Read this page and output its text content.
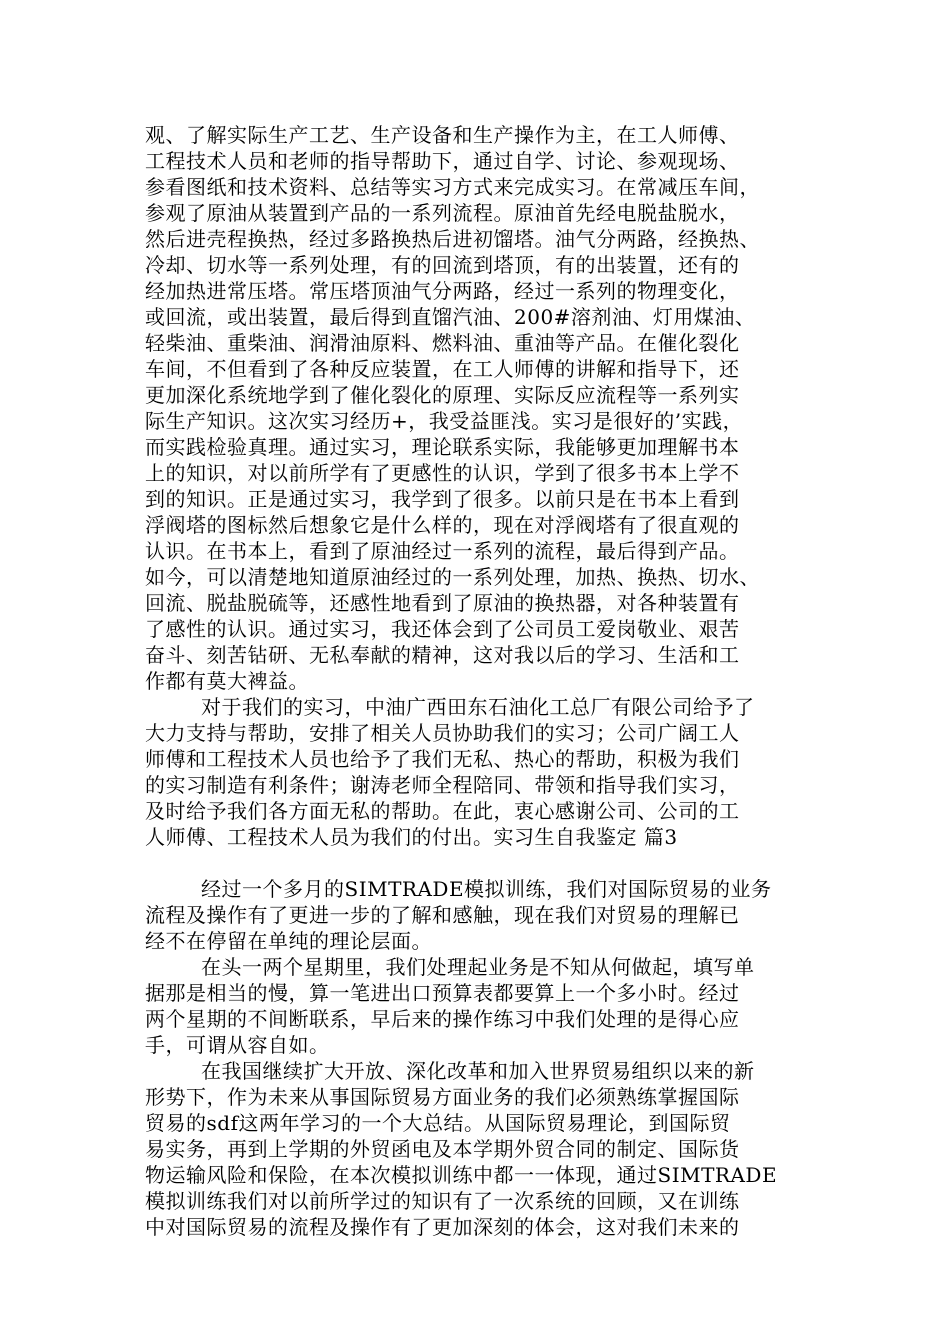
观、了解实际生产工艺、生产设备和生产操作为主，在工人师傅、
工程技术人员和老师的指导帮助下，通过自学、讨论、参观现场、
参看图纸和技术资料、总结等实习方式来完成实习。在常减压车间，
参观了原油从装置到产品的一系列流程。原油首先经电脱盐脱水，
然后进壳程换热，经过多路换热后进初馏塔。油气分两路，经换热、
冷却、切水等一系列处理，有的回流到塔顶，有的出装置，还有的
经加热进常压塔。常压塔顶油气分两路，经过一系列的物理变化，
或回流，或出装置，最后得到直馏汽油、200#溶剂油、灯用煤油、
轻柴油、重柴油、润滑油原料、燃料油、重油等产品。在催化裂化
车间，不但看到了各种反应装置，在工人师傅的讲解和指导下，还
更加深化系统地学到了催化裂化的原理、实际反应流程等一系列实
际生产知识。这次实习经历+，我受益匪浅。实习是很好的’实践，
而实践检验真理。通过实习，理论联系实际，我能够更加理解书本
上的知识，对以前所学有了更感性的认识，学到了很多书本上学不
到的知识。正是通过实习，我学到了很多。以前只是在书本上看到
浮阀塔的图标然后想象它是什么样的，现在对浮阀塔有了很直观的
认识。在书本上，看到了原油经过一系列的流程，最后得到产品。
如今，可以清楚地知道原油经过的一系列处理，加热、换热、切水、
回流、脱盐脱硫等，还感性地看到了原油的换热器，对各种装置有
了感性的认识。通过实习，我还体会到了公司员工爱岗敬业、艰苦
奋斗、刻苦钻研、无私奉献的精神，这对我以后的学习、生活和工
作都有莫大裨益。
对于我们的实习，中油广西田东石油化工总厂有限公司给予了
大力支持与帮助，安排了相关人员协助我们的实习；公司广阔工人
师傅和工程技术人员也给予了我们无私、热心的帮助，积极为我们
的实习制造有利条件；谢涛老师全程陪同、带领和指导我们实习，
及时给予我们各方面无私的帮助。在此，衷心感谢公司、公司的工
人师傅、工程技术人员为我们的付出。实习生自我鉴定 篇3
经过一个多月的SIMTRADE模拟训练，我们对国际贸易的业务
流程及操作有了更进一步的了解和感触，现在我们对贸易的理解已
经不在停留在单纯的理论层面。
在头一两个星期里，我们处理起业务是不知从何做起，填写单
据那是相当的慢，算一笔进出口预算表都要算上一个多小时。经过
两个星期的不间断联系，早后来的操作练习中我们处理的是得心应
手，可谓从容自如。
在我国继续扩大开放、深化改革和加入世界贸易组织以来的新
形势下，作为未来从事国际贸易方面业务的我们必须熟练掌握国际
贸易的sdf这两年学习的一个大总结。从国际贸易理论，到国际贸
易实务，再到上学期的外贸函电及本学期外贸合同的制定、国际货
物运输风险和保险，在本次模拟训练中都一一体现，通过SIMTRADE
模拟训练我们对以前所学过的知识有了一次系统的回顾，又在训练
中对国际贸易的流程及操作有了更加深刻的体会，这对我们未来的
